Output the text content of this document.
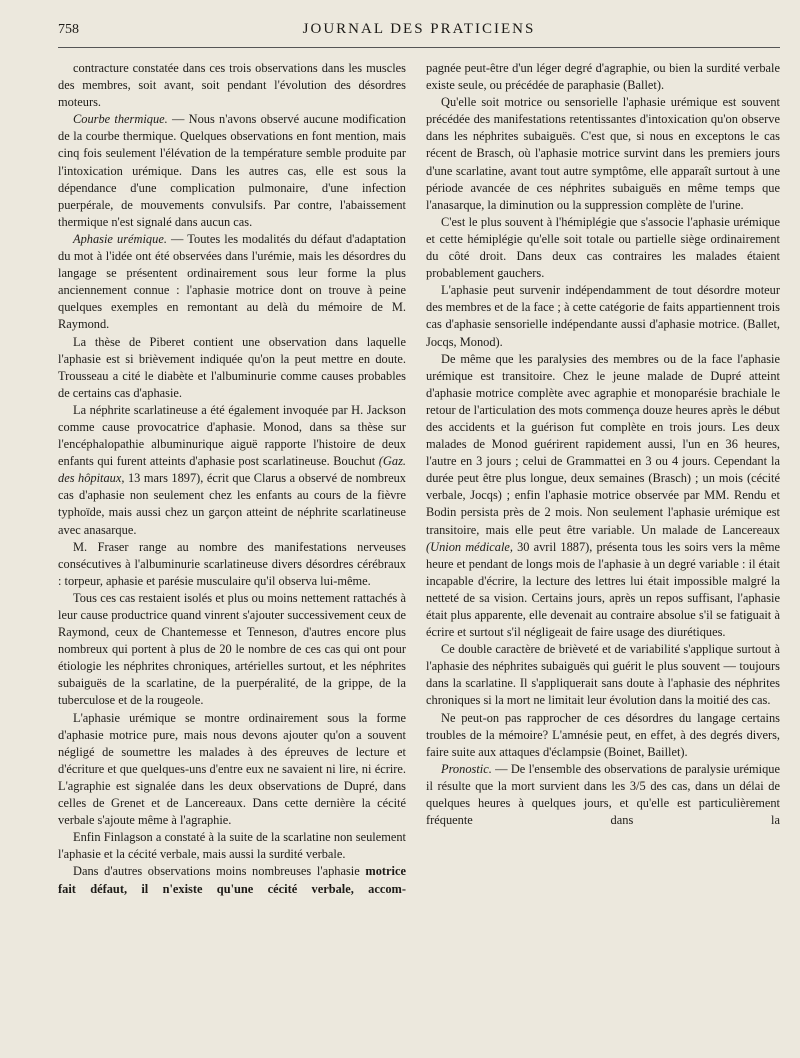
758	JOURNAL DES PRATICIENS

contracture constatée dans ces trois observations dans les muscles des membres, soit avant, soit pendant l'évolution des désordres moteurs.

Courbe thermique. — Nous n'avons observé aucune modification de la courbe thermique. Quelques observations en font mention, mais cinq fois seulement l'élévation de la température semble produite par l'intoxication urémique. Dans les autres cas, elle est sous la dépendance d'une complication pulmonaire, d'une infection puerpérale, de mouvements convulsifs. Par contre, l'abaissement thermique n'est signalé dans aucun cas.

Aphasie urémique. — Toutes les modalités du défaut d'adaptation du mot à l'idée ont été observées dans l'urémie, mais les désordres du langage se présentent ordinairement sous leur forme la plus anciennement connue : l'aphasie motrice dont on trouve à peine quelques exemples en remontant au delà du mémoire de M. Raymond.

La thèse de Piberet contient une observation dans laquelle l'aphasie est si brièvement indiquée qu'on la peut mettre en doute. Trousseau a cité le diabète et l'albuminurie comme causes probables de certains cas d'aphasie.

La néphrite scarlatineuse a été également invoquée par H. Jackson comme cause provocatrice d'aphasie. Monod, dans sa thèse sur l'encéphalopathie albuminurique aiguë rapporte l'histoire de deux enfants qui furent atteints d'aphasie post scarlatineuse. Bouchut (Gaz. des hôpitaux, 13 mars 1897), écrit que Clarus a observé de nombreux cas d'aphasie non seulement chez les enfants au cours de la fièvre typhoïde, mais aussi chez un garçon atteint de néphrite scarlatineuse avec anasarque.

M. Fraser range au nombre des manifestations nerveuses consécutives à l'albuminurie scarlatineuse divers désordres cérébraux : torpeur, aphasie et parésie musculaire qu'il observa lui-même.

Tous ces cas restaient isolés et plus ou moins nettement rattachés à leur cause productrice quand vinrent s'ajouter successivement ceux de Raymond, ceux de Chantemesse et Tenneson, d'autres encore plus nombreux qui portent à plus de 20 le nombre de ces cas qui ont pour étiologie les néphrites chroniques, artérielles surtout, et les néphrites subaiguës de la scarlatine, de la puerpéralité, de la grippe, de la tuberculose et de la rougeole.

L'aphasie urémique se montre ordinairement sous la forme d'aphasie motrice pure, mais nous devons ajouter qu'on a souvent négligé de soumettre les malades à des épreuves de lecture et d'écriture et que quelques-uns d'entre eux ne savaient ni lire, ni écrire. L'agraphie est signalée dans les deux observations de Dupré, dans celles de Grenet et de Lancereaux. Dans cette dernière la cécité verbale s'ajoute même à l'agraphie.

Enfin Finlagson a constaté à la suite de la scarlatine non seulement l'aphasie et la cécité verbale, mais aussi la surdité verbale.

Dans d'autres observations moins nombreuses l'aphasie motrice fait défaut, il n'existe qu'une cécité verbale, accom-

pagnée peut-être d'un léger degré d'agraphie, ou bien la surdité verbale existe seule, ou précédée de paraphasie (Ballet).

Qu'elle soit motrice ou sensorielle l'aphasie urémique est souvent précédée des manifestations retentissantes d'intoxication qu'on observe dans les néphrites subaiguës. C'est que, si nous en exceptons le cas récent de Brasch, où l'aphasie motrice survint dans les premiers jours d'une scarlatine, avant tout autre symptôme, elle apparaît surtout à une période avancée de ces néphrites subaiguës en même temps que l'anasarque, la diminution ou la suppression complète de l'urine.

C'est le plus souvent à l'hémiplégie que s'associe l'aphasie urémique et cette hémiplégie qu'elle soit totale ou partielle siège ordinairement du côté droit. Dans deux cas contraires les malades étaient probablement gauchers.

L'aphasie peut survenir indépendamment de tout désordre moteur des membres et de la face ; à cette catégorie de faits appartiennent trois cas d'aphasie sensorielle indépendante aussi d'aphasie motrice. (Ballet, Jocqs, Monod).

De même que les paralysies des membres ou de la face l'aphasie urémique est transitoire. Chez le jeune malade de Dupré atteint d'aphasie motrice complète avec agraphie et monoparésie brachiale le retour de l'articulation des mots commença douze heures après le début des accidents et la guérison fut complète en trois jours. Les deux malades de Monod guérirent rapidement aussi, l'un en 36 heures, l'autre en 3 jours ; celui de Grammattei en 3 ou 4 jours. Cependant la durée peut être plus longue, deux semaines (Brasch) ; un mois (cécité verbale, Jocqs) ; enfin l'aphasie motrice observée par MM. Rendu et Bodin persista près de 2 mois. Non seulement l'aphasie urémique est transitoire, mais elle peut être variable. Un malade de Lancereaux (Union médicale, 30 avril 1887), présenta tous les soirs vers la même heure et pendant de longs mois de l'aphasie à un degré variable : il était incapable d'écrire, la lecture des lettres lui était impossible malgré la netteté de sa vision. Certains jours, après un repos suffisant, l'aphasie était plus apparente, elle devenait au contraire absolue s'il se fatiguait à écrire et surtout s'il négligeait de faire usage des diurétiques.

Ce double caractère de brièveté et de variabilité s'applique surtout à l'aphasie des néphrites subaiguës qui guérit le plus souvent — toujours dans la scarlatine. Il s'appliquerait sans doute à l'aphasie des néphrites chroniques si la mort ne limitait leur évolution dans la moitié des cas.

Ne peut-on pas rapprocher de ces désordres du langage certains troubles de la mémoire? L'amnésie peut, en effet, à des degrés divers, faire suite aux attaques d'éclampsie (Boinet, Baillet).

Pronostic. — De l'ensemble des observations de paralysie urémique il résulte que la mort survient dans les 3/5 des cas, dans un délai de quelques heures à quelques jours, et qu'elle est particulièrement fréquente dans la
